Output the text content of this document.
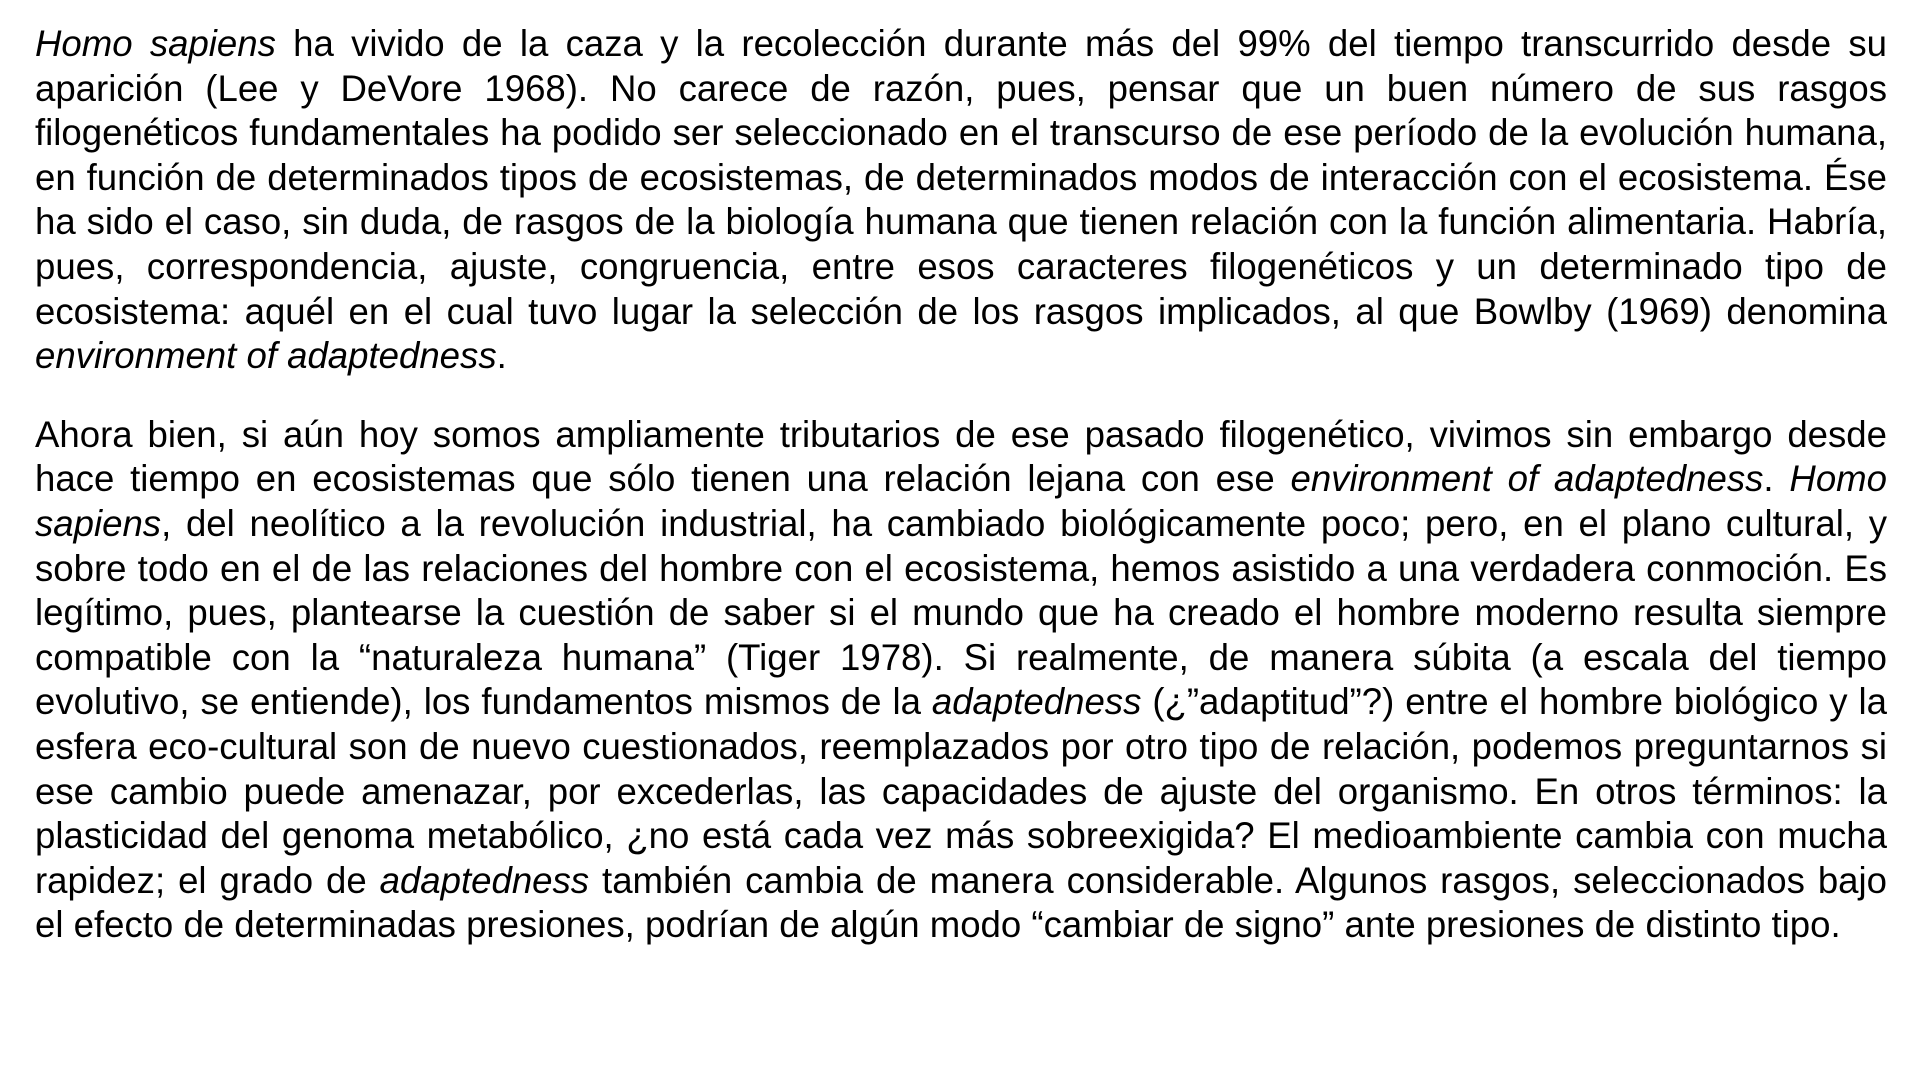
Homo sapiens ha vivido de la caza y la recolección durante más del 99% del tiempo transcurrido desde su aparición (Lee y DeVore 1968). No carece de razón, pues, pensar que un buen número de sus rasgos filogenéticos fundamentales ha podido ser seleccionado en el transcurso de ese período de la evolución humana, en función de determinados tipos de ecosistemas, de determinados modos de interacción con el ecosistema. Ése ha sido el caso, sin duda, de rasgos de la biología humana que tienen relación con la función alimentaria. Habría, pues, correspondencia, ajuste, congruencia, entre esos caracteres filogenéticos y un determinado tipo de ecosistema: aquél en el cual tuvo lugar la selección de los rasgos implicados, al que Bowlby (1969) denomina environment of adaptedness.

Ahora bien, si aún hoy somos ampliamente tributarios de ese pasado filogenético, vivimos sin embargo desde hace tiempo en ecosistemas que sólo tienen una relación lejana con ese environment of adaptedness. Homo sapiens, del neolítico a la revolución industrial, ha cambiado biológicamente poco; pero, en el plano cultural, y sobre todo en el de las relaciones del hombre con el ecosistema, hemos asistido a una verdadera conmoción. Es legítimo, pues, plantearse la cuestión de saber si el mundo que ha creado el hombre moderno resulta siempre compatible con la “naturaleza humana” (Tiger 1978). Si realmente, de manera súbita (a escala del tiempo evolutivo, se entiende), los fundamentos mismos de la adaptedness (¿”adaptitud”?) entre el hombre biológico y la esfera eco-cultural son de nuevo cuestionados, reemplazados por otro tipo de relación, podemos preguntarnos si ese cambio puede amenazar, por excederlas, las capacidades de ajuste del organismo. En otros términos: la plasticidad del genoma metabólico, ¿no está cada vez más sobreexigida? El medioambiente cambia con mucha rapidez; el grado de adaptedness también cambia de manera considerable. Algunos rasgos, seleccionados bajo el efecto de determinadas presiones, podrían de algún modo “cambiar de signo” ante presiones de distinto tipo.
